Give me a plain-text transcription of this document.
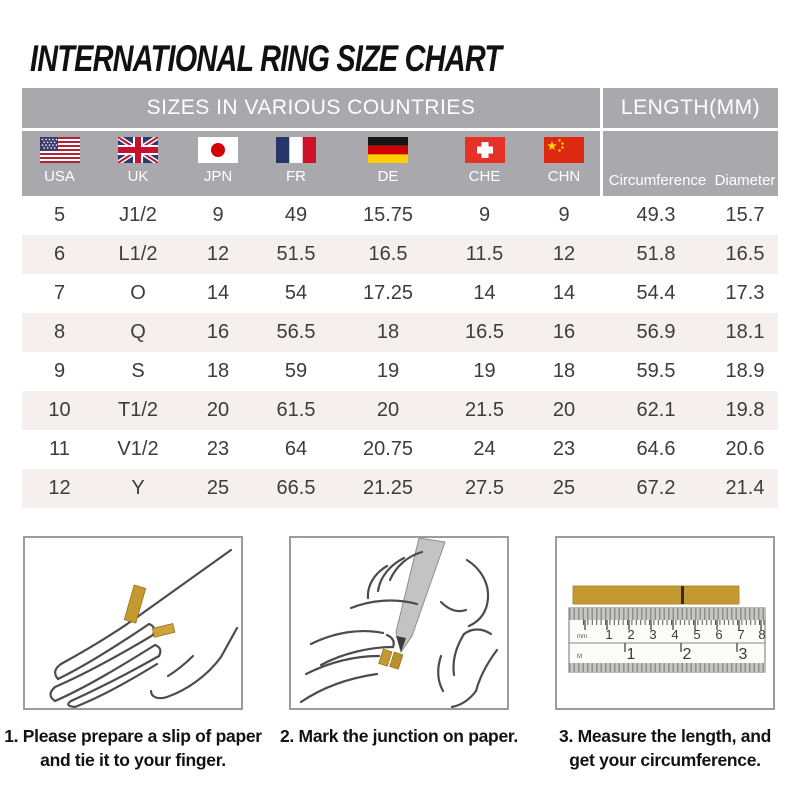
INTERNATIONAL RING SIZE CHART
SIZES IN VARIOUS COUNTRIES	LENGTH(MM)
USA	UK	JPN	FR	DE	CHE	CHN	Circumference Diameter
5	J1/2	9	49	15.75	9	9	49.3	15.7
6	L1/2	12	51.5	16.5	11.5	12	51.8	16.5
7	O	14	54	17.25	14	14	54.4	17.3
8	Q	16	56.5	18	16.5	16	56.9	18.1
9	S	18	59	19	19	18	59.5	18.9
10	T1/2	20	61.5	20	21.5	20	62.1	19.8
11	V1/2	23	64	20.75	24	23	64.6	20.6
12	Y	25	66.5	21.25	27.5	25	67.2	21.4
1. Please prepare a slip of paper
and tie it to your finger.
2. Mark the junction on paper.
mm 1 2 3 4 5 6 7 8
M	1	2	3
3. Measure the length, and
get your circumference.
